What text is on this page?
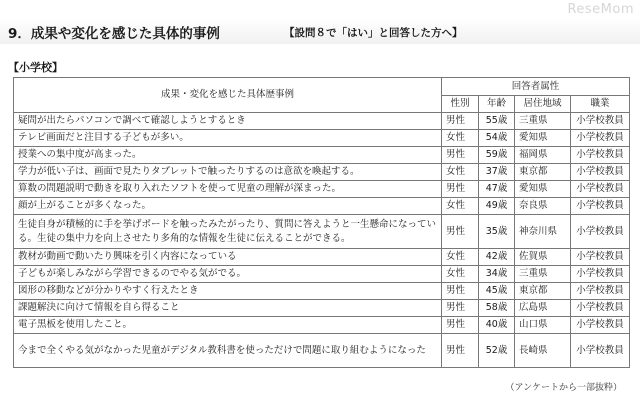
9．成果や変化を感じた具体的事例	【設問８で「はい」と回答した方へ】
ReseMom
【小学校】
成果・変化を感じた具体歴事例	回答者属性			
	性別	年齢	居住地域	職業
疑問が出たらパソコンで調べて確認しようとするとき	男性	55歳	三重県	小学校教員
テレビ画面だと注目する子どもが多い。	女性	54歳	愛知県	小学校教員
授業への集中度が高まった。	男性	59歳	福岡県	小学校教員
学力が低い子は、画面で見たりタブレットで触ったりするのは意欲を喚起する。	女性	37歳	東京都	小学校教員
算数の問題説明で動きを取り入れたソフトを使って児童の理解が深まった。	男性	47歳	愛知県	小学校教員
顔が上がることが多くなった。	女性	49歳	奈良県	小学校教員
生徒自身が積極的に手を挙げボードを触ったみたがったり、質問に答えようと一生懸命になっている。生徒の集中力を向上させたり多角的な情報を生徒に伝えることができる。	男性	35歳	神奈川県	小学校教員
教材が動画で動いたり興味を引く内容になっている	女性	42歳	佐賀県	小学校教員
子どもが楽しみながら学習できるのでやる気がでる。	女性	34歳	三重県	小学校教員
図形の移動などが分かりやすく行えたとき	男性	45歳	東京都	小学校教員
課題解決に向けて情報を自ら得ること	男性	58歳	広島県	小学校教員
電子黒板を使用したこと。	男性	40歳	山口県	小学校教員
今まで全くやる気がなかった児童がデジタル教科書を使っただけで問題に取り組むようになった	男性	52歳	長崎県	小学校教員
（アンケートから一部抜粋）
